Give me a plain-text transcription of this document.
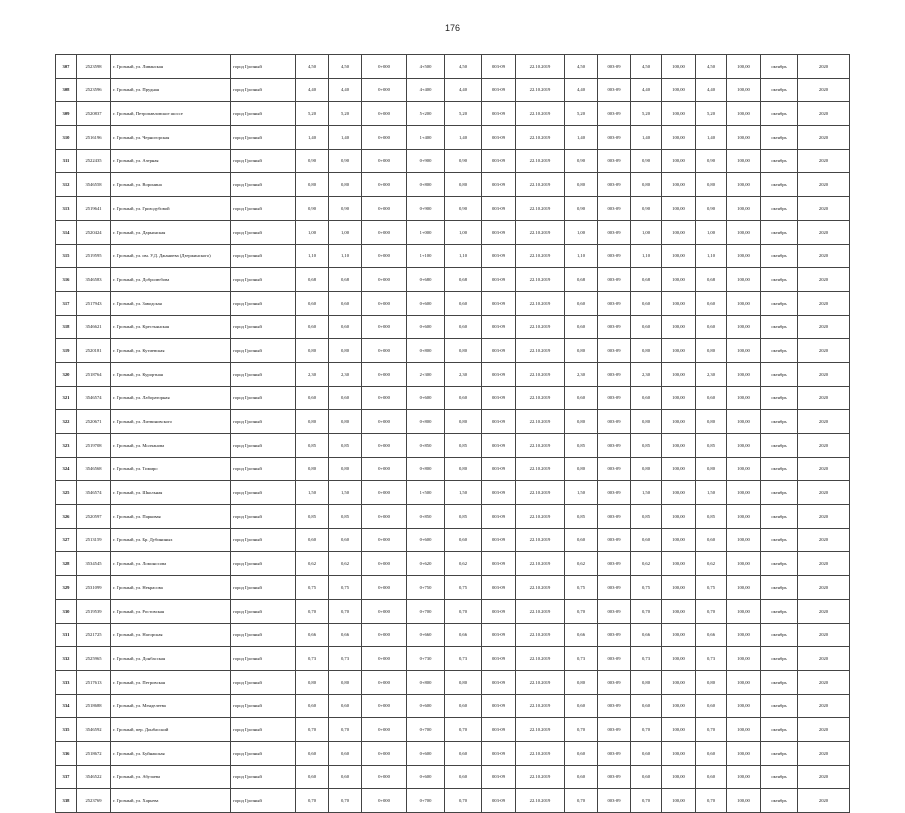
176
307	2523598	г. Грозный, ул. Ливанская	город Грозный	4,50	4,50	0+000	4+500	4,50	003-09	22.10.2019	4,50	003-09	4,50	100,00	4,50	100,00	октябрь	2020
308	2523596	г. Грозный, ул. Прудная	город Грозный	4,40	4,40	0+000	4+400	4,40	003-09	22.10.2019	4,40	003-09	4,40	100,00	4,40	100,00	октябрь	2020
309	2520837	г. Грозный, Петропавловское шоссе	город Грозный	5,20	5,20	0+000	5+200	5,20	003-09	22.10.2019	5,20	003-09	5,20	100,00	5,20	100,00	октябрь	2020
310	2516196	г. Грозный, ул. Черногорская	город Грозный	1,40	1,40	0+000	1+400	1,40	003-09	22.10.2019	1,40	003-09	1,40	100,00	1,40	100,00	октябрь	2020
311	2522435	г. Грозный, ул. Азерная	город Грозный	0,90	0,90	0+000	0+900	0,90	003-09	22.10.2019	0,90	003-09	0,90	100,00	0,90	100,00	октябрь	2020
312	3546558	г. Грозный, ул. Воронина	город Грозный	0,80	0,80	0+000	0+800	0,80	003-09	22.10.2019	0,80	003-09	0,80	100,00	0,80	100,00	октябрь	2020
313	2519641	г. Грозный, ул. Гризодубовой	город Грозный	0,90	0,90	0+000	0+900	0,90	003-09	22.10.2019	0,90	003-09	0,90	100,00	0,90	100,00	октябрь	2020
314	2520424	г. Грозный, ул. Дарьинская	город Грозный	1,00	1,00	0+000	1+000	1,00	003-09	22.10.2019	1,00	003-09	1,00	100,00	1,00	100,00	октябрь	2020
315	2519595	г. Грозный, ул. им. У.Д. Джаниева (Дзержинского)	город Грозный	1,10	1,10	0+000	1+100	1,10	003-09	22.10.2019	1,10	003-09	1,10	100,00	1,10	100,00	октябрь	2020
316	3546583	г. Грозный, ул. Добролюбова	город Грозный	0,68	0,68	0+000	0+680	0,68	003-09	22.10.2019	0,68	003-09	0,68	100,00	0,68	100,00	октябрь	2020
317	2517943	г. Грозный, ул. Заводская	город Грозный	0,60	0,60	0+000	0+600	0,60	003-09	22.10.2019	0,60	003-09	0,60	100,00	0,60	100,00	октябрь	2020
318	3546621	г. Грозный, ул. Крестьянская	город Грозный	0,60	0,60	0+000	0+600	0,60	003-09	22.10.2019	0,60	003-09	0,60	100,00	0,60	100,00	октябрь	2020
319	2520181	г. Грозный, ул. Кутиевская	город Грозный	0,80	0,80	0+000	0+800	0,80	003-09	22.10.2019	0,80	003-09	0,80	100,00	0,80	100,00	октябрь	2020
320	2518764	г. Грозный, ул. Курортная	город Грозный	2,30	2,30	0+000	2+300	2,30	003-09	22.10.2019	2,30	003-09	2,30	100,00	2,30	100,00	октябрь	2020
321	3546574	г. Грозный, ул. Лабораторная	город Грозный	0,60	0,60	0+000	0+600	0,60	003-09	22.10.2019	0,60	003-09	0,60	100,00	0,60	100,00	октябрь	2020
322	2520671	г. Грозный, ул. Литвиновского	город Грозный	0,80	0,80	0+000	0+800	0,80	003-09	22.10.2019	0,80	003-09	0,80	100,00	0,80	100,00	октябрь	2020
323	2519708	г. Грозный, ул. Молчанова	город Грозный	0,85	0,85	0+000	0+850	0,85	003-09	22.10.2019	0,85	003-09	0,85	100,00	0,85	100,00	октябрь	2020
324	3546568	г. Грозный, ул. Тимиро	город Грозный	0,80	0,80	0+000	0+800	0,80	003-09	22.10.2019	0,80	003-09	0,80	100,00	0,80	100,00	октябрь	2020
325	3546574	г. Грозный, ул. Школьная	город Грозный	1,50	1,50	0+000	1+500	1,50	003-09	22.10.2019	1,50	003-09	1,50	100,00	1,50	100,00	октябрь	2020
326	2520597	г. Грозный, ул. Парковая	город Грозный	0,85	0,85	0+000	0+850	0,85	003-09	22.10.2019	0,85	003-09	0,85	100,00	0,85	100,00	октябрь	2020
327	2513159	г. Грозный, ул. Бр. Дубининых	город Грозный	0,60	0,60	0+000	0+600	0,60	003-09	22.10.2019	0,60	003-09	0,60	100,00	0,60	100,00	октябрь	2020
328	3534545	г. Грозный, ул. Ломоносова	город Грозный	0,62	0,62	0+000	0+620	0,62	003-09	22.10.2019	0,62	003-09	0,62	100,00	0,62	100,00	октябрь	2020
329	2531099	г. Грозный, ул. Некрасова	город Грозный	0,75	0,75	0+000	0+750	0,75	003-09	22.10.2019	0,75	003-09	0,75	100,00	0,75	100,00	октябрь	2020
330	2519539	г. Грозный, ул. Ростовская	город Грозный	0,70	0,70	0+000	0+700	0,70	003-09	22.10.2019	0,70	003-09	0,70	100,00	0,70	100,00	октябрь	2020
331	2521725	г. Грозный, ул. Нагорская	город Грозный	0,66	0,66	0+000	0+660	0,66	003-09	22.10.2019	0,66	003-09	0,66	100,00	0,66	100,00	октябрь	2020
332	2525965	г. Грозный, ул. Донбасская	город Грозный	0,73	0,73	0+000	0+730	0,73	003-09	22.10.2019	0,73	003-09	0,73	100,00	0,73	100,00	октябрь	2020
333	2517613	г. Грозный, ул. Петровская	город Грозный	0,80	0,80	0+000	0+800	0,80	003-09	22.10.2019	0,80	003-09	0,80	100,00	0,80	100,00	октябрь	2020
334	2518688	г. Грозный, ул. Менделеева	город Грозный	0,60	0,60	0+000	0+600	0,60	003-09	22.10.2019	0,60	003-09	0,60	100,00	0,60	100,00	октябрь	2020
335	3546592	г. Грозный, пер. Донбасский	город Грозный	0,70	0,70	0+000	0+700	0,70	003-09	22.10.2019	0,70	003-09	0,70	100,00	0,70	100,00	октябрь	2020
336	2518672	г. Грозный, ул. Буйнакская	город Грозный	0,60	0,60	0+000	0+600	0,60	003-09	22.10.2019	0,60	003-09	0,60	100,00	0,60	100,00	октябрь	2020
337	3546522	г. Грозный, ул. Абузаева	город Грозный	0,60	0,60	0+000	0+600	0,60	003-09	22.10.2019	0,60	003-09	0,60	100,00	0,60	100,00	октябрь	2020
338	2523769	г. Грозный, ул. Харьева	город Грозный	0,70	0,70	0+000	0+700	0,70	003-09	22.10.2019	0,70	003-09	0,70	100,00	0,70	100,00	октябрь	2020
